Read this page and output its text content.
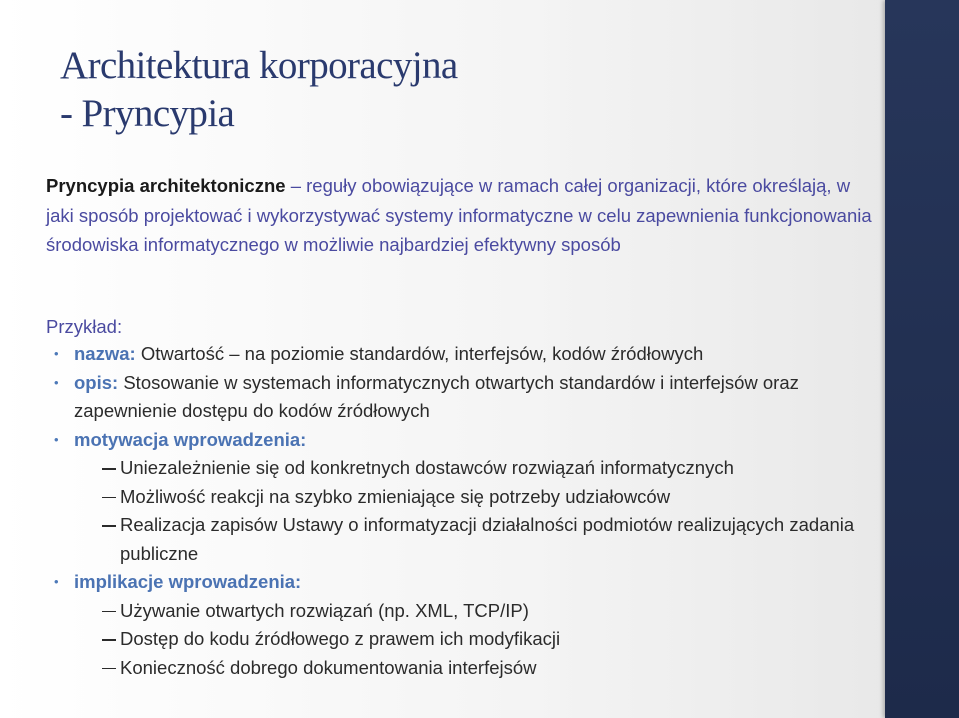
Architektura korporacyjna
- Pryncypia

Pryncypia architektoniczne – reguły obowiązujące w ramach całej organizacji, które określają, w jaki sposób projektować i wykorzystywać systemy informatyczne w celu zapewnienia funkcjonowania środowiska informatycznego w możliwie najbardziej efektywny sposób

Przykład:

• nazwa: Otwartość – na poziomie standardów, interfejsów, kodów źródłowych
• opis: Stosowanie w systemach informatycznych otwartych standardów i interfejsów oraz zapewnienie dostępu do kodów źródłowych
• motywacja wprowadzenia:
Uniezależnienie się od konkretnych dostawców rozwiązań informatycznych
Możliwość reakcji na szybko zmieniające się potrzeby udziałowców
Realizacja zapisów Ustawy o informatyzacji działalności podmiotów realizujących zadania publiczne
• implikacje wprowadzenia:
Używanie otwartych rozwiązań (np. XML, TCP/IP)
Dostęp do kodu źródłowego z prawem ich modyfikacji
Konieczność dobrego dokumentowania interfejsów
